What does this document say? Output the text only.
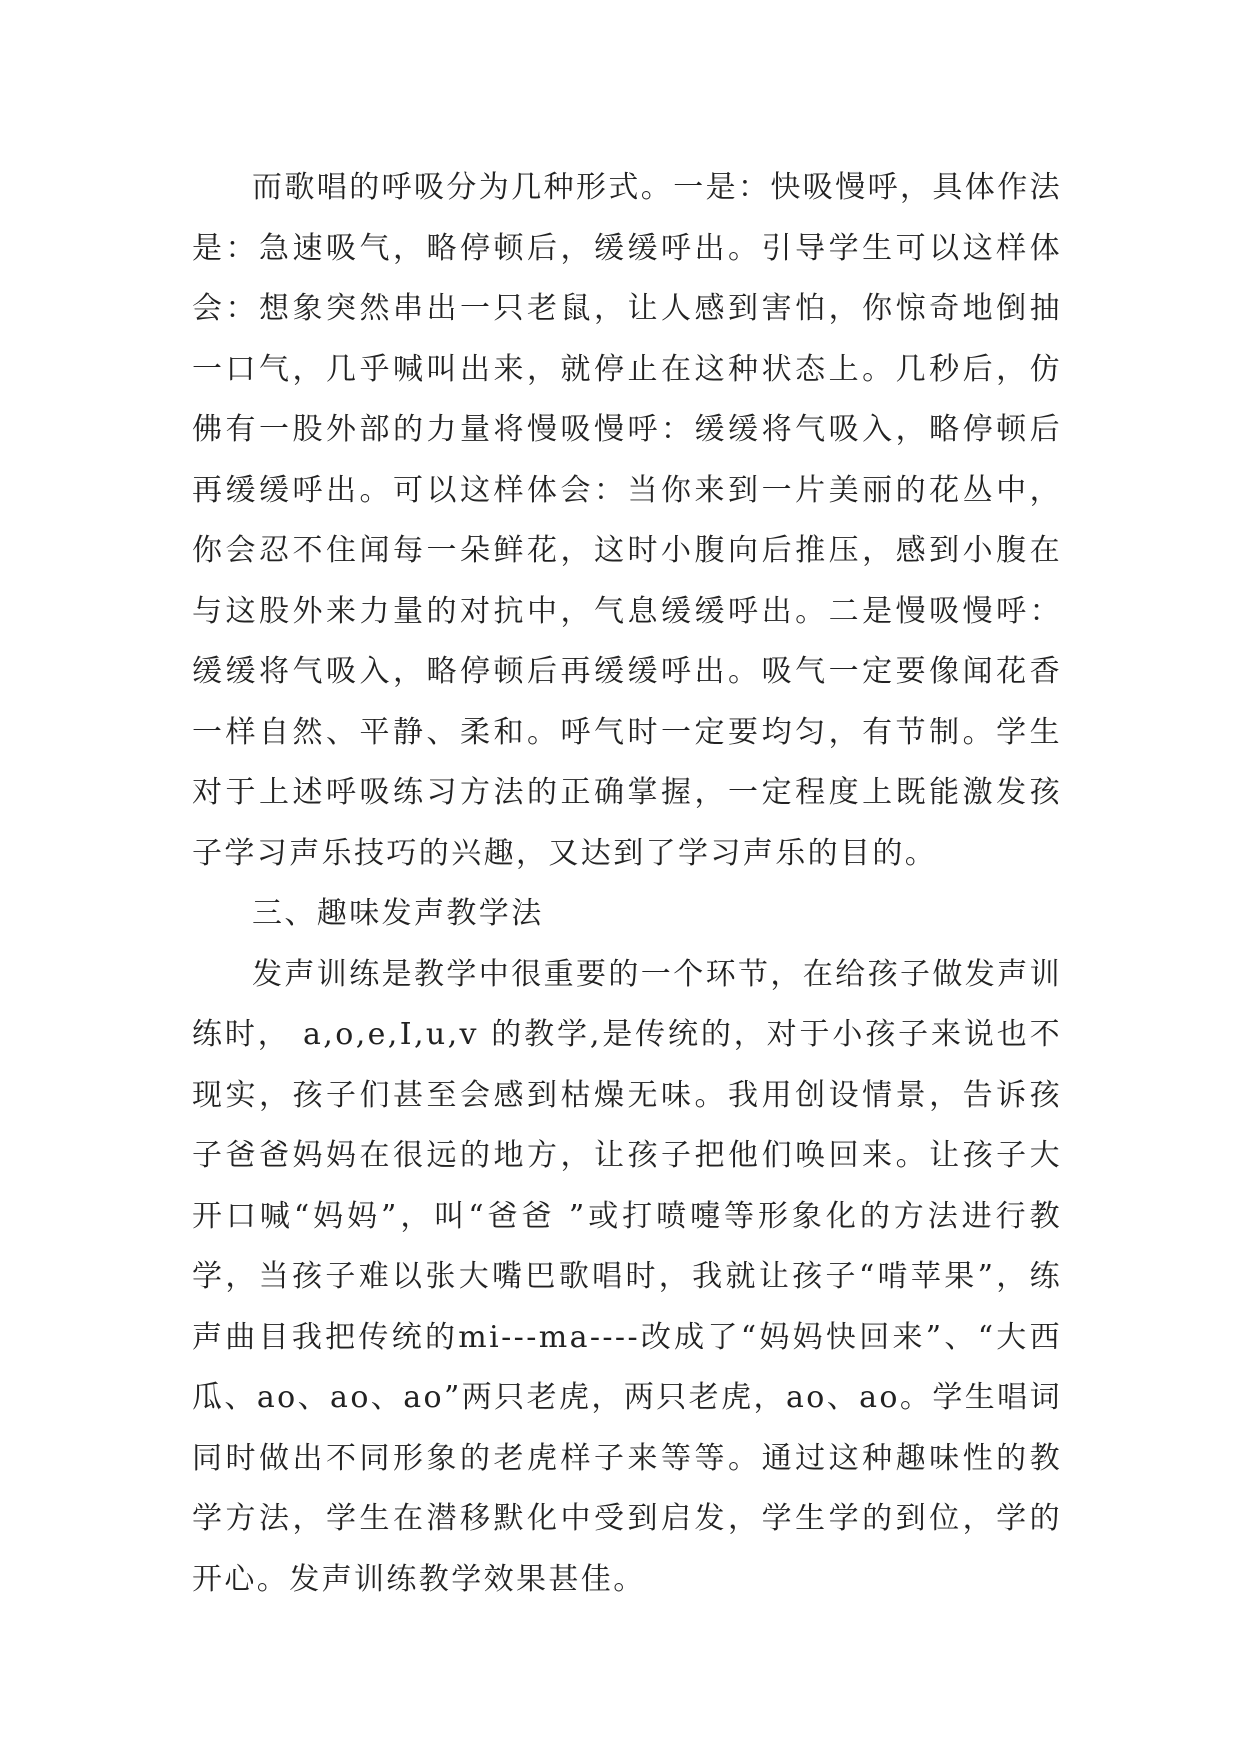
而歌唱的呼吸分为几种形式。一是：快吸慢呼，具体作法是：急速吸气，略停顿后，缓缓呼出。引导学生可以这样体会：想象突然串出一只老鼠，让人感到害怕，你惊奇地倒抽一口气，几乎喊叫出来，就停止在这种状态上。几秒后，仿佛有一股外部的力量将慢吸慢呼：缓缓将气吸入，略停顿后再缓缓呼出。可以这样体会：当你来到一片美丽的花丛中，你会忍不住闻每一朵鲜花，这时小腹向后推压，感到小腹在与这股外来力量的对抗中，气息缓缓呼出。二是慢吸慢呼：缓缓将气吸入，略停顿后再缓缓呼出。吸气一定要像闻花香一样自然、平静、柔和。呼气时一定要均匀，有节制。学生对于上述呼吸练习方法的正确掌握，一定程度上既能激发孩子学习声乐技巧的兴趣，又达到了学习声乐的目的。

三、趣味发声教学法

发声训练是教学中很重要的一个环节，在给孩子做发声训练时， a,o,e,I,u,v 的教学,是传统的，对于小孩子来说也不现实，孩子们甚至会感到枯燥无味。我用创设情景，告诉孩子爸爸妈妈在很远的地方，让孩子把他们唤回来。让孩子大开口喊“妈妈”，叫“爸爸 ”或打喷嚏等形象化的方法进行教学，当孩子难以张大嘴巴歌唱时，我就让孩子“啃苹果”，练声曲目我把传统的mi---ma----改成了“妈妈快回来”、“大西瓜、ao、ao、ao”两只老虎，两只老虎，ao、ao。学生唱词同时做出不同形象的老虎样子来等等。通过这种趣味性的教学方法，学生在潜移默化中受到启发，学生学的到位，学的开心。发声训练教学效果甚佳。
